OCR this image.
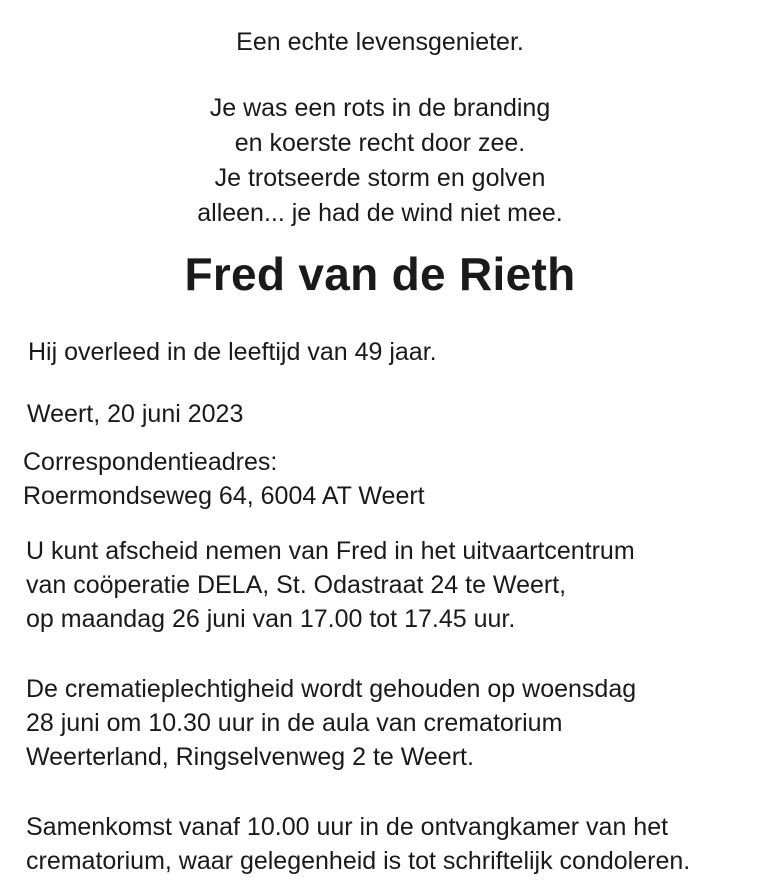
Een echte levensgenieter.
Je was een rots in de branding
en koerste recht door zee.
Je trotseerde storm en golven
alleen... je had de wind niet mee.
Fred van de Rieth
Hij overleed in de leeftijd van 49 jaar.
Weert, 20 juni 2023
Correspondentieadres:
Roermondseweg 64, 6004 AT Weert
U kunt afscheid nemen van Fred in het uitvaartcentrum
van coöperatie DELA, St. Odastraat 24 te Weert,
op maandag 26 juni van 17.00 tot 17.45 uur.
De crematieplechtigheid wordt gehouden op woensdag
28 juni om 10.30 uur in de aula van crematorium
Weerterland, Ringselvenweg 2 te Weert.
Samenkomst vanaf 10.00 uur in de ontvangkamer van het
crematorium, waar gelegenheid is tot schriftelijk condoleren.
